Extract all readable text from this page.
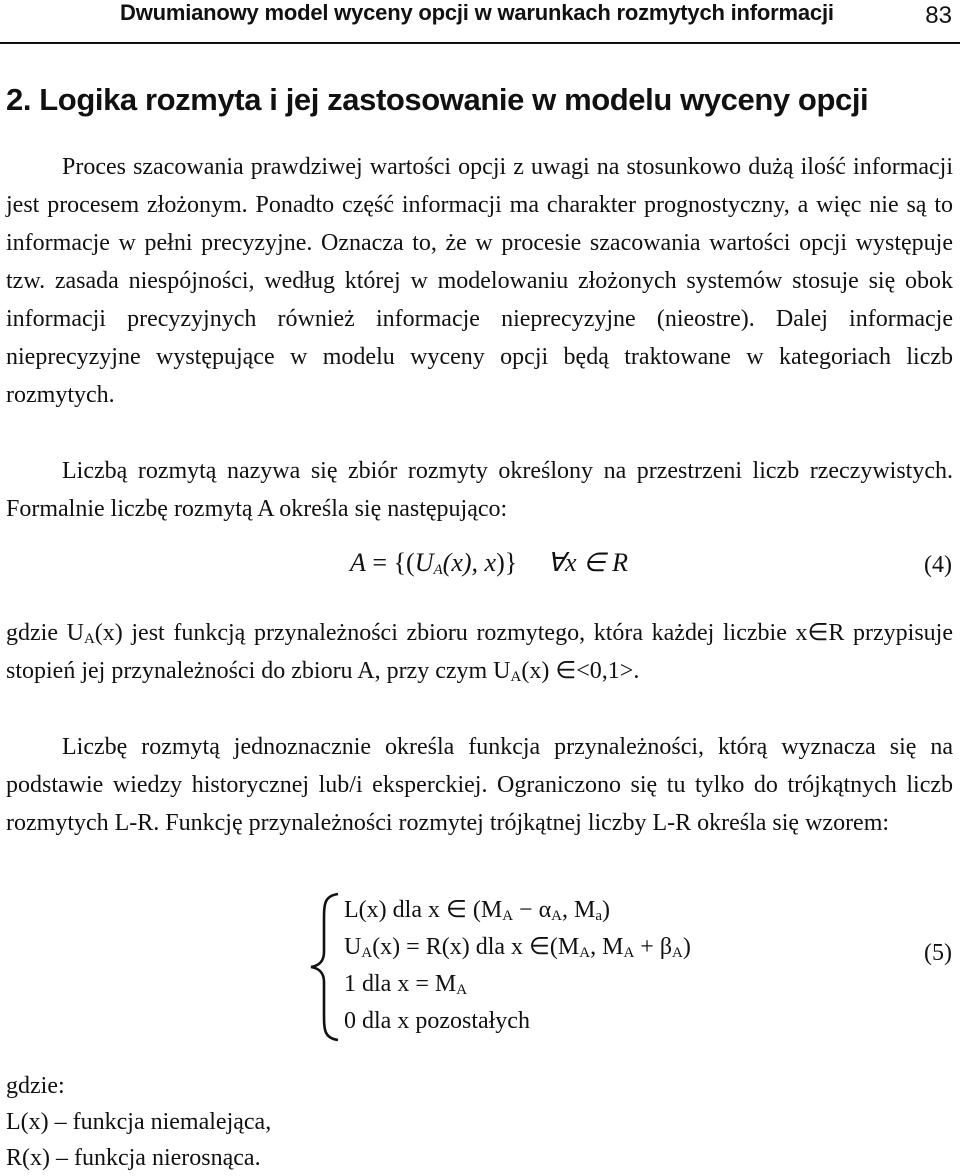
Dwumianowy model wyceny opcji w warunkach rozmytych informacji	83
2. Logika rozmyta i jej zastosowanie w modelu wyceny opcji

Proces szacowania prawdziwej wartości opcji z uwagi na stosunkowo dużą ilość informacji jest procesem złożonym. Ponadto część informacji ma charakter prognostyczny, a więc nie są to informacje w pełni precyzyjne. Oznacza to, że w procesie szacowania wartości opcji występuje tzw. zasada niespójności, według której w modelowaniu złożonych systemów stosuje się obok informacji precyzyjnych również informacje nieprecyzyjne (nieostre). Dalej informacje nieprecyzyjne występujące w modelu wyceny opcji będą traktowane w kategoriach liczb rozmytych.

Liczbą rozmytą nazywa się zbiór rozmyty określony na przestrzeni liczb rzeczywistych. Formalnie liczbę rozmytą A określa się następująco:

$A = \{(U_A(x)$, x)} ∀x ∈ R	(4)

gdzie $U_A(x)$ jest funkcją przynależności zbioru rozmytego, która każdej liczbie x∈R przypisuje stopień jej przynależności do zbioru A, przy czym $U_A(x)$ ∈<0,1>.

Liczbę rozmytą jednoznacznie określa funkcja przynależności, którą wyznacza się na podstawie wiedzy historycznej lub/i eksperckiej. Ograniczono się tu tylko do trójkątnych liczb rozmytych L-R. Funkcję przynależności rozmytej trójkątnej liczby L-R określa się wzorem:

L(x) dla x ∈ ($M_A - \alpha_A$, $M_a$)
$U_A(x) = R(x)$ dla x $\in(M_A$, $M_A + \beta_A$)
1 dla $x = M_A$
0 dla x pozostałych
(5)
gdzie:
L(x) – funkcja niemalejąca,
R(x) – funkcja nierosnąca.
